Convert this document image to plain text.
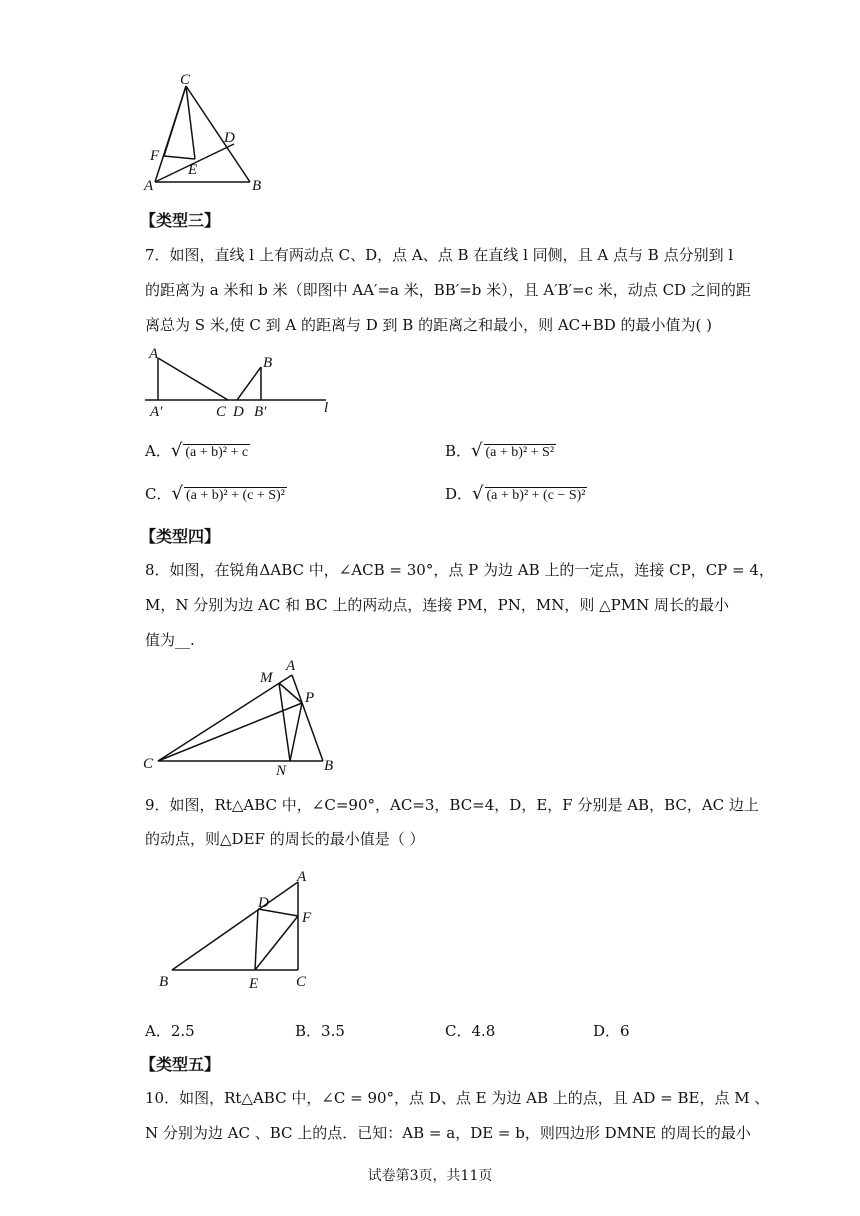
C
D
F
E
A	B
【类型三】
7．如图，直线 l 上有两动点 C、D，点 A、点 B 在直线 l 同侧，且 A 点与 B 点分别到 l
的距离为 a 米和 b 米（即图中 AA′=a 米，BB′=b 米），且 A′B′=c 米，动点 CD 之间的距
离总为 S 米,使 C 到 A 的距离与 D 到 B 的距离之和最小，则 AC+BD 的最小值为( )
A
B
A′	C D B′	l
A．√ (a + b)² + c	B．√ (a + b)² + S²
C．√ (a + b)² + (c + S)²	D．√ (a + b)² + (c − S)²
【类型四】
8．如图，在锐角ΔABC 中，∠ACB = 30°，点 P 为边 AB 上的一定点，连接 CP，CP = 4，
M，N 分别为边 AC 和 BC 上的两动点，连接 PM，PN，MN，则 △PMN 周长的最小
值为__.
M
A
P
C	N	B
9．如图，Rt△ABC 中，∠C=90°，AC=3，BC=4，D，E，F 分别是 AB，BC，AC 边上
的动点，则△DEF 的周长的最小值是（ ）
A
D
F
B	E	C
A．2.5	B．3.5	C．4.8	D．6
【类型五】
10．如图，Rt△ABC 中，∠C = 90°，点 D、点 E 为边 AB 上的点，且 AD = BE，点 M 、
N 分别为边 AC 、BC 上的点．已知：AB = a，DE = b，则四边形 DMNE 的周长的最小
试卷第3页，共11页
